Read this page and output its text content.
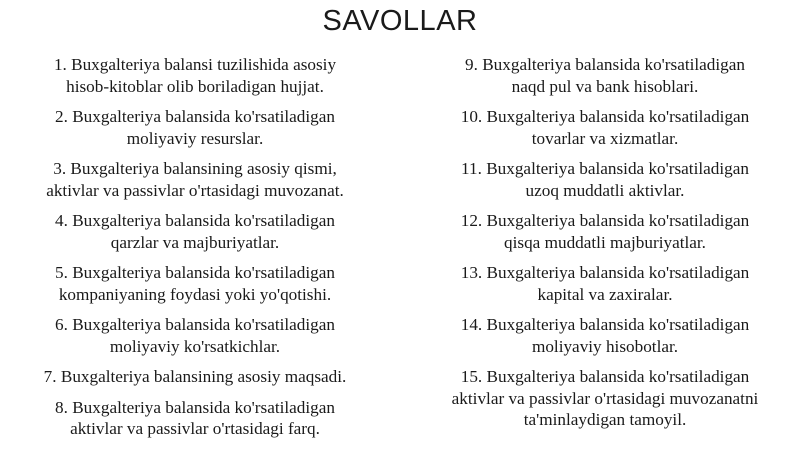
SAVOLLAR

1. Buxgalteriya balansi tuzilishida asosiy
hisob-kitoblar olib boriladigan hujjat.

2. Buxgalteriya balansida ko'rsatiladigan
moliyaviy resurslar.

3. Buxgalteriya balansining asosiy qismi,
aktivlar va passivlar o'rtasidagi muvozanat.

4. Buxgalteriya balansida ko'rsatiladigan
qarzlar va majburiyatlar.

5. Buxgalteriya balansida ko'rsatiladigan
kompaniyaning foydasi yoki yo'qotishi.

6. Buxgalteriya balansida ko'rsatiladigan
moliyaviy ko'rsatkichlar.

7. Buxgalteriya balansining asosiy maqsadi.

8. Buxgalteriya balansida ko'rsatiladigan
aktivlar va passivlar o'rtasidagi farq.

9. Buxgalteriya balansida ko'rsatiladigan
naqd pul va bank hisoblari.

10. Buxgalteriya balansida ko'rsatiladigan
tovarlar va xizmatlar.

11. Buxgalteriya balansida ko'rsatiladigan
uzoq muddatli aktivlar.

12. Buxgalteriya balansida ko'rsatiladigan
qisqa muddatli majburiyatlar.

13. Buxgalteriya balansida ko'rsatiladigan
kapital va zaxiralar.

14. Buxgalteriya balansida ko'rsatiladigan
moliyaviy hisobotlar.

15. Buxgalteriya balansida ko'rsatiladigan
aktivlar va passivlar o'rtasidagi muvozanatni
ta'minlaydigan tamoyil.
